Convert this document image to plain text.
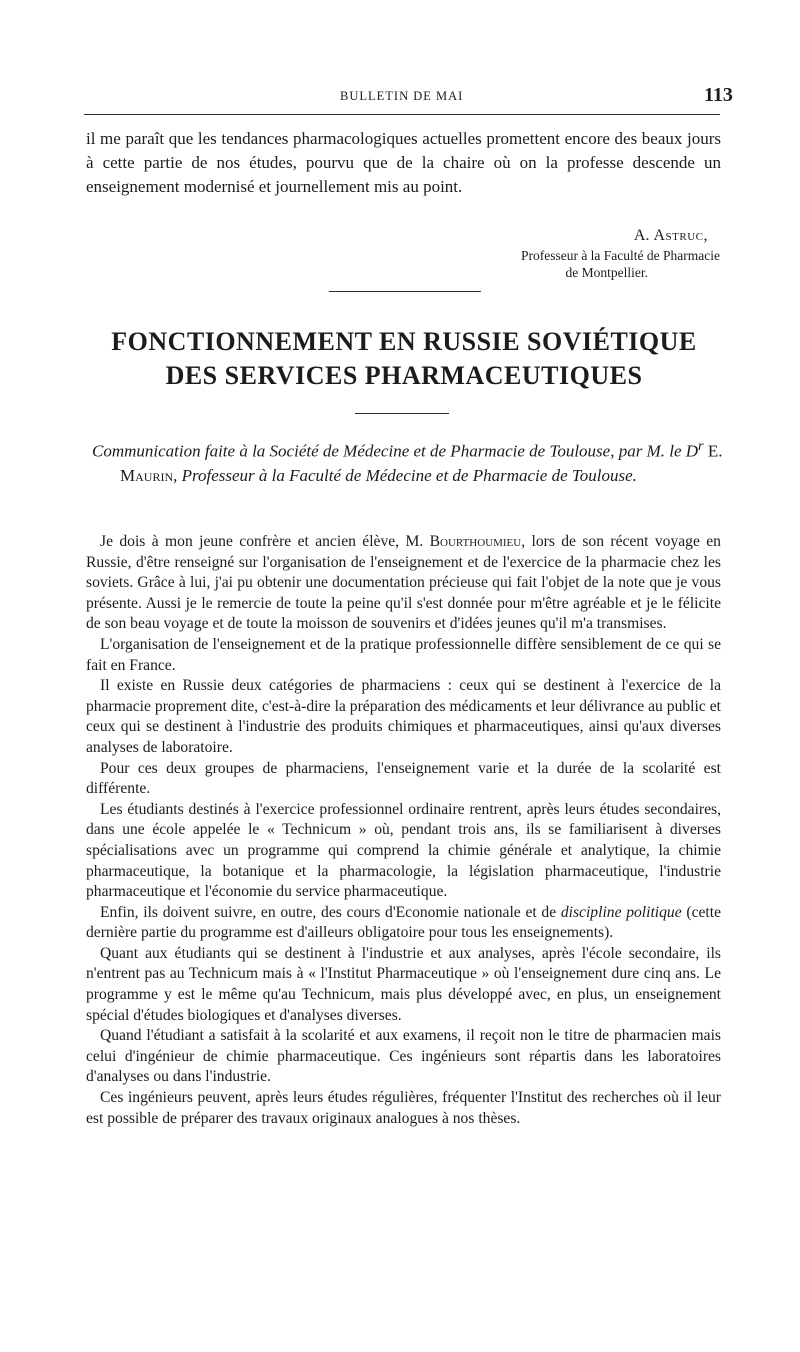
BULLETIN DE MAI	113
il me paraît que les tendances pharmacologiques actuelles promettent encore des beaux jours à cette partie de nos études, pourvu que de la chaire où on la professe descende un enseignement modernisé et journellement mis au point.
A. Astruc,
Professeur à la Faculté de Pharmacie
de Montpellier.
FONCTIONNEMENT EN RUSSIE SOVIÉTIQUE
DES SERVICES PHARMACEUTIQUES
Communication faite à la Société de Médecine et de Pharmacie de Toulouse, par M. le $D^r$ E. Maurin, Professeur à la Faculté de Médecine et de Pharmacie de Toulouse.

Je dois à mon jeune confrère et ancien élève, M. Bourthoumieu, lors de son récent voyage en Russie, d'être renseigné sur l'organisation de l'enseignement et de l'exercice de la pharmacie chez les soviets. Grâce à lui, j'ai pu obtenir une documentation précieuse qui fait l'objet de la note que je vous présente. Aussi je le remercie de toute la peine qu'il s'est donnée pour m'être agréable et je le félicite de son beau voyage et de toute la moisson de souvenirs et d'idées jeunes qu'il m'a transmises.

L'organisation de l'enseignement et de la pratique professionnelle diffère sensiblement de ce qui se fait en France.

Il existe en Russie deux catégories de pharmaciens : ceux qui se destinent à l'exercice de la pharmacie proprement dite, c'est-à-dire la préparation des médicaments et leur délivrance au public et ceux qui se destinent à l'industrie des produits chimiques et pharmaceutiques, ainsi qu'aux diverses analyses de laboratoire.

Pour ces deux groupes de pharmaciens, l'enseignement varie et la durée de la scolarité est différente.

Les étudiants destinés à l'exercice professionnel ordinaire rentrent, après leurs études secondaires, dans une école appelée le « Technicum » où, pendant trois ans, ils se familiarisent à diverses spécialisations avec un programme qui comprend la chimie générale et analytique, la chimie pharmaceutique, la botanique et la pharmacologie, la législation pharmaceutique, l'industrie pharmaceutique et l'économie du service pharmaceutique.

Enfin, ils doivent suivre, en outre, des cours d'Economie nationale et de discipline politique (cette dernière partie du programme est d'ailleurs obligatoire pour tous les enseignements).

Quant aux étudiants qui se destinent à l'industrie et aux analyses, après l'école secondaire, ils n'entrent pas au Technicum mais à « l'Institut Pharmaceutique » où l'enseignement dure cinq ans. Le programme y est le même qu'au Technicum, mais plus développé avec, en plus, un enseignement spécial d'études biologiques et d'analyses diverses.

Quand l'étudiant a satisfait à la scolarité et aux examens, il reçoit non le titre de pharmacien mais celui d'ingénieur de chimie pharmaceutique. Ces ingénieurs sont répartis dans les laboratoires d'analyses ou dans l'industrie.

Ces ingénieurs peuvent, après leurs études régulières, fréquenter l'Institut des recherches où il leur est possible de préparer des travaux originaux analogues à nos thèses.
